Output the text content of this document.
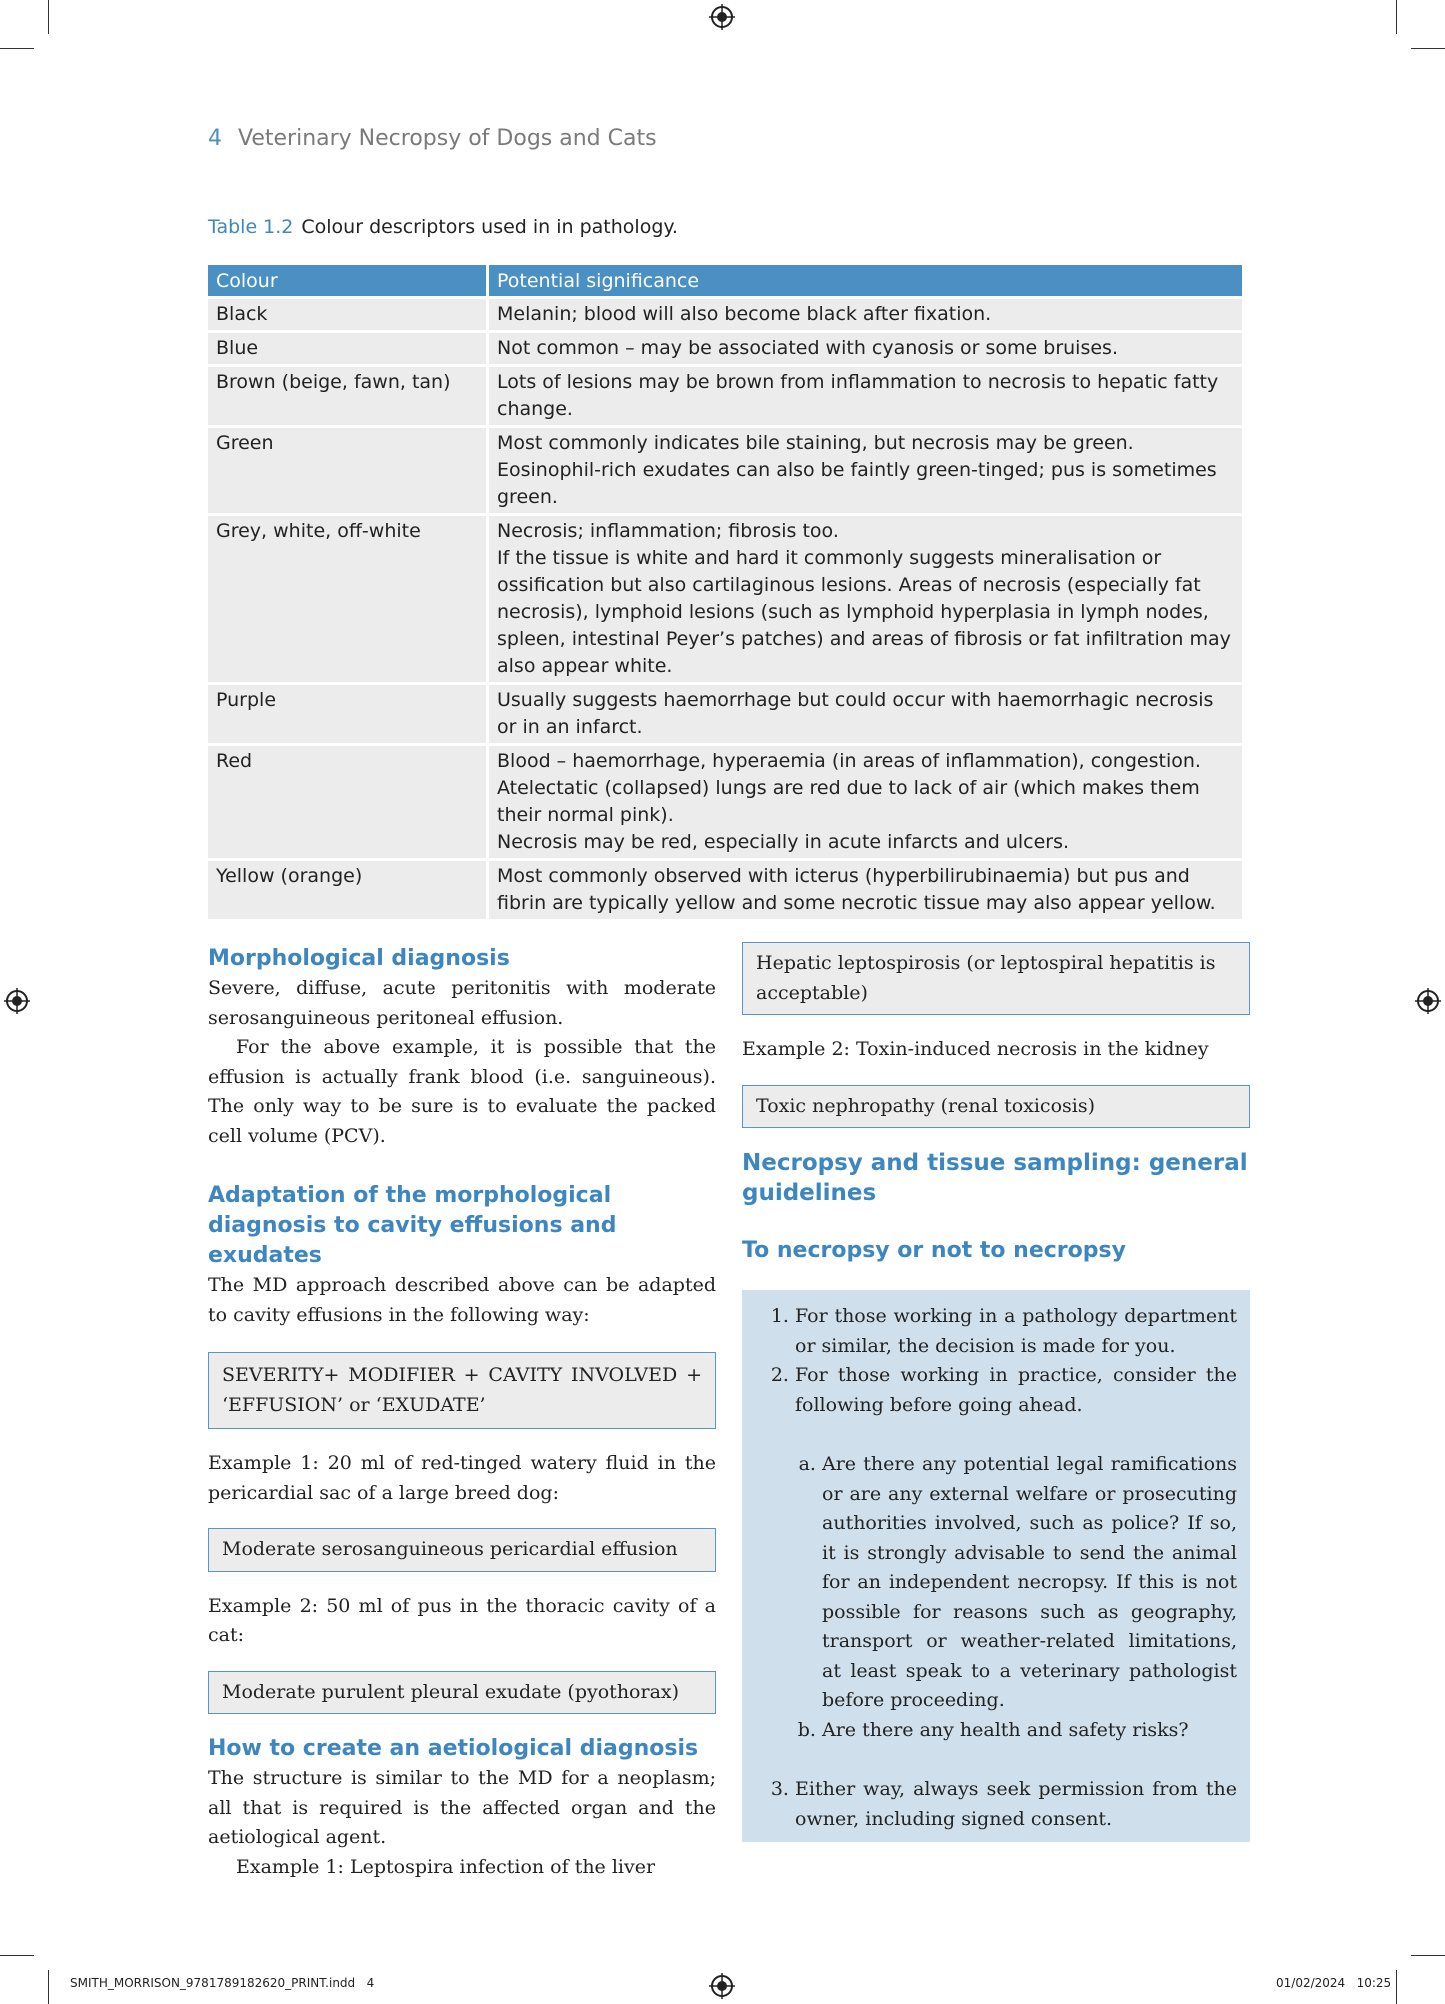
4 Veterinary Necropsy of Dogs and Cats
Table 1.2 Colour descriptors used in in pathology.
Colour	Potential significance
Black	Melanin; blood will also become black after fixation.

Blue	Not common – may be associated with cyanosis or some bruises.

Brown (beige, fawn, tan)	Lots of lesions may be brown from inflammation to necrosis to hepatic fatty change.

Green	Most commonly indicates bile staining, but necrosis may be green. Eosinophil-rich exudates can also be faintly green-tinged; pus is sometimes green.

Grey, white, off-white	Necrosis; inflammation; fibrosis too.
If the tissue is white and hard it commonly suggests mineralisation or ossification but also cartilaginous lesions. Areas of necrosis (especially fat necrosis), lymphoid lesions (such as lymphoid hyperplasia in lymph nodes, spleen, intestinal Peyer’s patches) and areas of fibrosis or fat infiltration may also appear white.

Purple	Usually suggests haemorrhage but could occur with haemorrhagic necrosis or in an infarct.

Red	Blood – haemorrhage, hyperaemia (in areas of inflammation), congestion. Atelectatic (collapsed) lungs are red due to lack of air (which makes them their normal pink).
Necrosis may be red, especially in acute infarcts and ulcers.

Yellow (orange)	Most commonly observed with icterus (hyperbilirubinaemia) but pus and fibrin are typically yellow and some necrotic tissue may also appear yellow.
Morphological diagnosis

Severe, diffuse, acute peritonitis with moderate serosanguineous peritoneal effusion.

For the above example, it is possible that the effusion is actually frank blood (i.e. sanguineous). The only way to be sure is to evaluate the packed cell volume (PCV).

Adaptation of the morphological diagnosis to cavity effusions and exudates

The MD approach described above can be adapted to cavity effusions in the following way:

SEVERITY+ MODIFIER + CAVITY INVOLVED + ‘EFFUSION’ or ‘EXUDATE’

Example 1: 20 ml of red-tinged watery fluid in the pericardial sac of a large breed dog:

Moderate serosanguineous pericardial effusion

Example 2: 50 ml of pus in the thoracic cavity of a cat:

Moderate purulent pleural exudate (pyothorax)

How to create an aetiological diagnosis

The structure is similar to the MD for a neoplasm; all that is required is the affected organ and the aetiological agent.

Example 1: Leptospira infection of the liver

Hepatic leptospirosis (or leptospiral hepatitis is acceptable)

Example 2: Toxin-induced necrosis in the kidney

Toxic nephropathy (renal toxicosis)

Necropsy and tissue sampling: general guidelines
To necropsy or not to necropsy
1. For those working in a pathology department or similar, the decision is made for you.
2. For those working in practice, consider the following before going ahead.
a. Are there any potential legal ramifications or are any external welfare or prosecuting authorities involved, such as police? If so, it is strongly advisable to send the animal for an independent necropsy. If this is not possible for reasons such as geography, transport or weather-related limitations, at least speak to a veterinary pathologist before proceeding.
b. Are there any health and safety risks?
3. Either way, always seek permission from the owner, including signed consent.
SMITH_MORRISON_9781789182620_PRINT.indd   4	01/02/2024   10:25
